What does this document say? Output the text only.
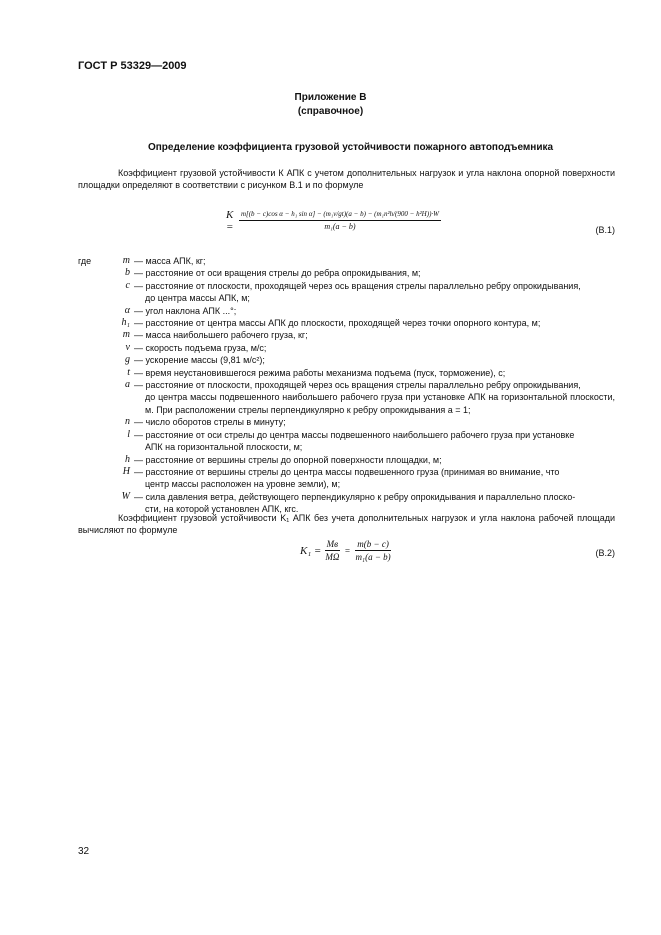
ГОСТ Р 53329—2009
Приложение В
(справочное)
Определение коэффициента грузовой устойчивости пожарного автоподъемника
Коэффициент грузовой устойчивости К АПК с учетом дополнительных нагрузок и угла наклона опорной поверхности площадки определяют в соответствии с рисунком В.1 и по формуле
K =
m[(b − c)cos α − h₁ sin α] − (m₁v/gt)(a − b) − (m₁n²h/(900 − h²H))·W
m₁(a − b)	(В.1)
где	m — масса АПК, кг;
b — расстояние от оси вращения стрелы до ребра опрокидывания, м;
c — расстояние от плоскости, проходящей через ось вращения стрелы параллельно ребру опрокидывания,
до центра массы АПК, м;
α — угол наклона АПК ...°;
h₁ — расстояние от центра массы АПК до плоскости, проходящей через точки опорного контура, м;
m — масса наибольшего рабочего груза, кг;
v — скорость подъема груза, м/с;
g — ускорение массы (9,81 м/с²);
t — время неустановившегося режима работы механизма подъема (пуск, торможение), с;
a — расстояние от плоскости, проходящей через ось вращения стрелы параллельно ребру опрокидывания,
до центра массы подвешенного наибольшего рабочего груза при установке АПК на горизонтальной плоскости, м. При расположении стрелы перпендикулярно к ребру опрокидывания a = 1;
n — число оборотов стрелы в минуту;
l — расстояние от оси стрелы до центра массы подвешенного наибольшего рабочего груза при установке
АПК на горизонтальной плоскости, м;
h — расстояние от вершины стрелы до опорной поверхности площадки, м;
H — расстояние от вершины стрелы до центра массы подвешенного груза (принимая во внимание, что
центр массы расположен на уровне земли), м;
W — сила давления ветра, действующего перпендикулярно к ребру опрокидывания и параллельно плоско-
сти, на которой установлен АПК, кгс.
Коэффициент грузовой устойчивости K₁ АПК без учета дополнительных нагрузок и угла наклона рабочей площади вычисляют по формуле
$K_1 = \frac{Mв}{M\Omega} = \frac{m(b - c)}{\text{m₁(a − b)}}$	(В.2)
32
